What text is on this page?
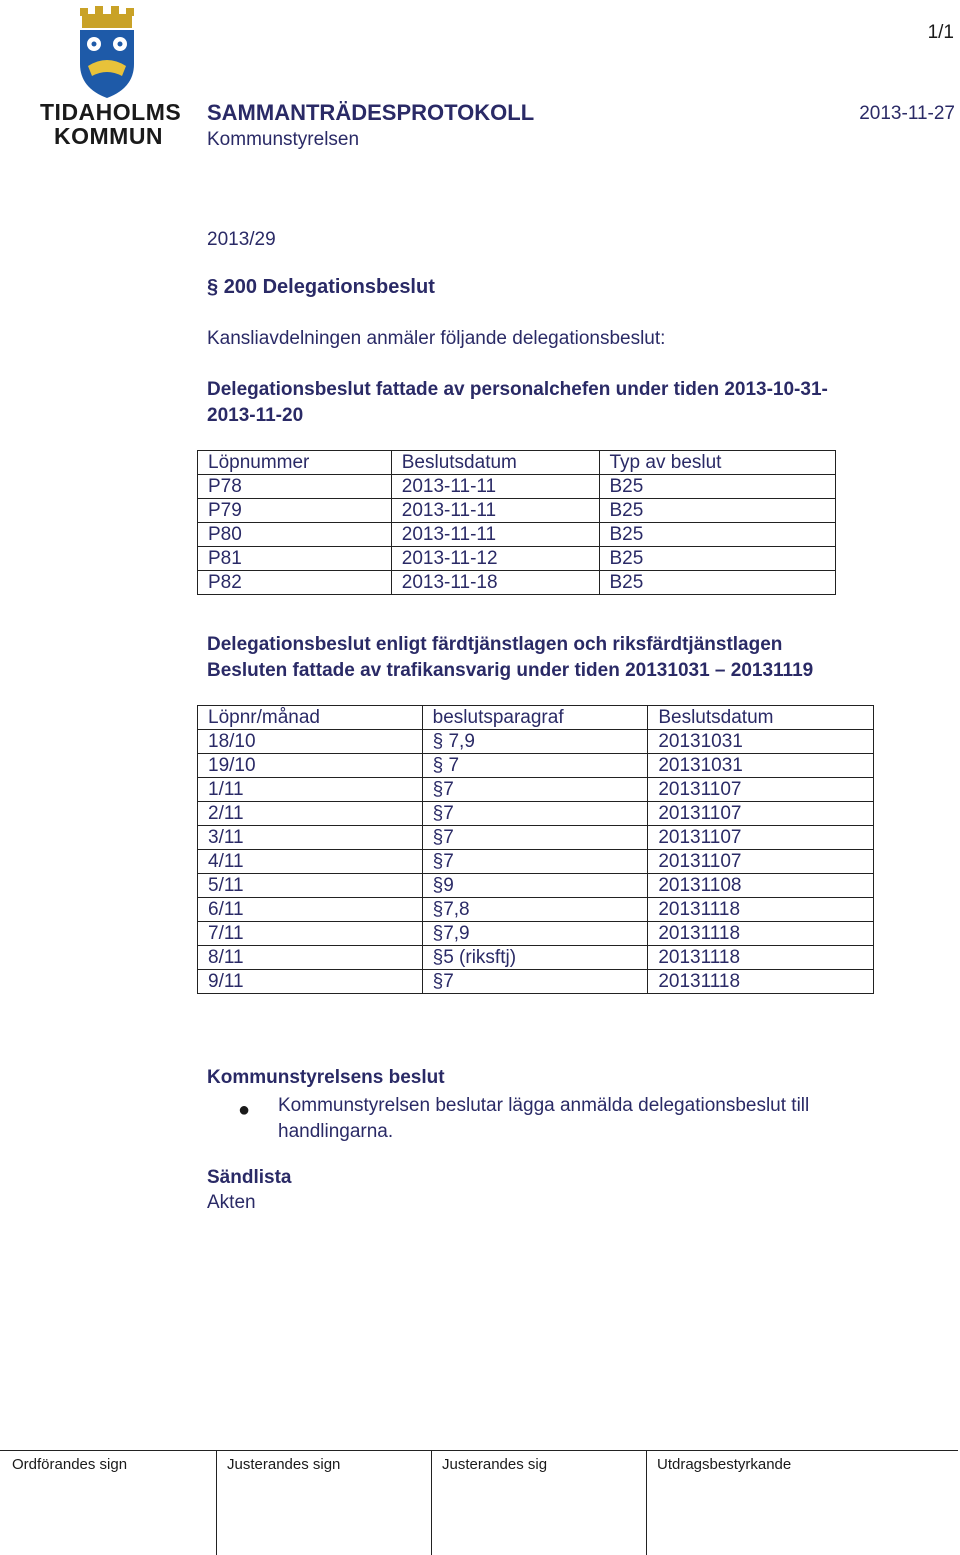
TIDAHOLMS
KOMMUN
1/1
SAMMANTRÄDESPROTOKOLL	2013-11-27
Kommunstyrelsen
2013/29
§ 200 Delegationsbeslut
Kansliavdelningen anmäler följande delegationsbeslut:
Delegationsbeslut fattade av personalchefen under tiden 2013-10-31-
2013-11-20
Löpnummer	Beslutsdatum	Typ av beslut
P78	2013-11-11	B25
P79	2013-11-11	B25
P80	2013-11-11	B25
P81	2013-11-12	B25
P82	2013-11-18	B25
Delegationsbeslut enligt färdtjänstlagen och riksfärdtjänstlagen
Besluten fattade av trafikansvarig under tiden 20131031 – 20131119
Löpnr/månad	beslutsparagraf	Beslutsdatum
18/10	§ 7,9	20131031
19/10	§ 7	20131031
1/11	§7	20131107
2/11	§7	20131107
3/11	§7	20131107
4/11	§7	20131107
5/11	§9	20131108
6/11	§7,8	20131118
7/11	§7,9	20131118
8/11	§5 (riksftj)	20131118
9/11	§7	20131118
Kommunstyrelsens beslut
● Kommunstyrelsen beslutar lägga anmälda delegationsbeslut till
handlingarna.
Sändlista
Akten
Ordförandes sign	Justerandes sign	Justerandes sig	Utdragsbestyrkande
